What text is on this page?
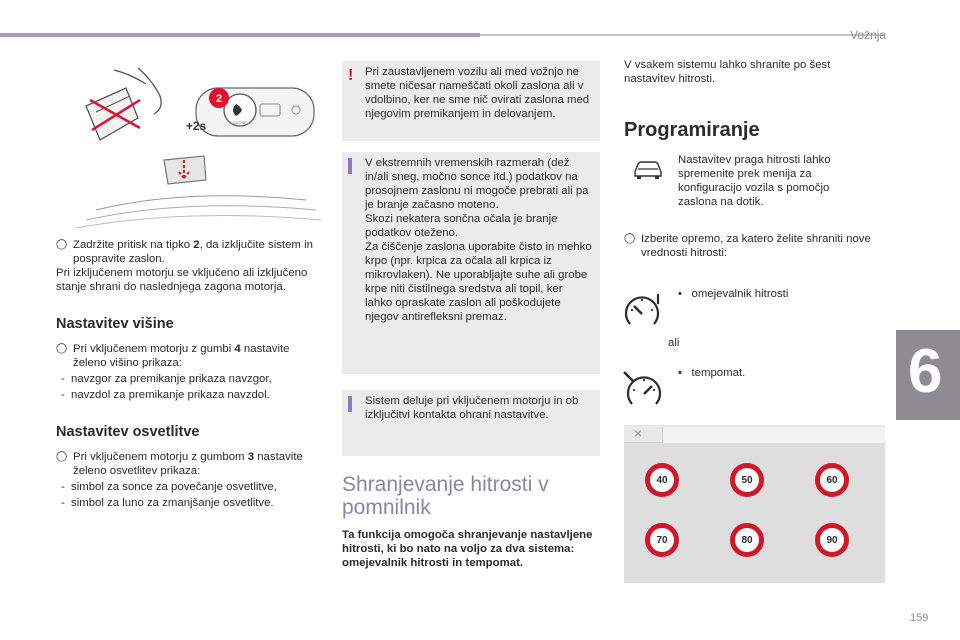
Vožnja
6
159
2
+2s	CLOSE
◯ Zadržite pritisk na tipko 2, da izključite sistem in pospravite zaslon.
Pri izključenem motorju se vključeno ali izključeno stanje shrani do naslednjega zagona motorja.
Nastavitev višine
◯ Pri vključenem motorju z gumbi 4 nastavite želeno višino prikaza:
- navzgor za premikanje prikaza navzgor,
- navzdol za premikanje prikaza navzdol.
Nastavitev osvetlitve
◯ Pri vključenem motorju z gumbom 3 nastavite želeno osvetlitev prikaza:
- simbol za sonce za povečanje osvetlitve,
- simbol za luno za zmanjšanje osvetlitve.
! Pri zaustavljenem vozilu ali med vožnjo ne smete ničesar nameščati okoli zaslona ali v vdolbino, ker ne sme nič ovirati zaslona med njegovim premikanjem in delovanjem.
V ekstremnih vremenskih razmerah (dež in/ali sneg, močno sonce itd.) podatkov na prosojnem zaslonu ni mogoče prebrati ali pa je branje začasno moteno.
Skozi nekatera sončna očala je branje podatkov oteženo.
Za čiščenje zaslona uporabite čisto in mehko krpo (npr. krpica za očala ali krpica iz mikrovlaken). Ne uporabljajte suhe ali grobe krpe niti čistilnega sredstva ali topil, ker lahko opraskate zaslon ali poškodujete njegov antirefleksni premaz.
Sistem deluje pri vključenem motorju in ob izključitvi kontakta ohrani nastavitve.
Shranjevanje hitrosti v pomnilnik
Ta funkcija omogoča shranjevanje nastavljene hitrosti, ki bo nato na voljo za dva sistema: omejevalnik hitrosti in tempomat.
V vsakem sistemu lahko shranite po šest nastavitev hitrosti.
Programiranje
Nastavitev praga hitrosti lahko spremenite prek menija za konfiguracijo vozila s pomočjo zaslona na dotik.
◯ Izberite opremo, za katero želite shraniti nove vrednosti hitrosti:
•   omejevalnik hitrosti
ali
•   tempomat.
×
40	50	60
70	80	90
